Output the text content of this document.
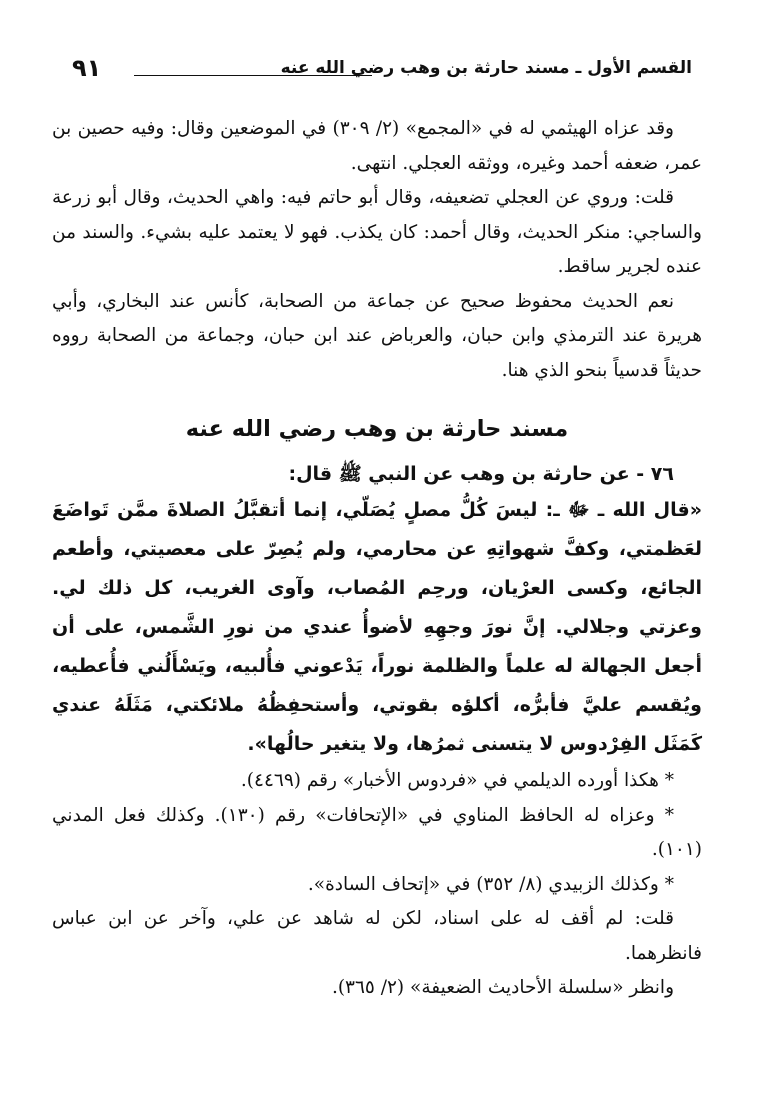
القسم الأول ـ مسند حارثة بن وهب رضي الله عنه
٩١

وقد عزاه الهيثمي له في «المجمع» (٢/ ٣٠٩) في الموضعين وقال: وفيه حصين بن عمر، ضعفه أحمد وغيره، ووثقه العجلي. انتهى.

قلت: وروي عن العجلي تضعيفه، وقال أبو حاتم فيه: واهي الحديث، وقال أبو زرعة والساجي: منكر الحديث، وقال أحمد: كان يكذب. فهو لا يعتمد عليه بشيء. والسند من عنده لجرير ساقط.

نعم الحديث محفوظ صحيح عن جماعة من الصحابة، كأنس عند البخاري، وأبي هريرة عند الترمذي وابن حبان، والعرباض عند ابن حبان، وجماعة من الصحابة رووه حديثاً قدسياً بنحو الذي هنا.

مسند حارثة بن وهب رضي الله عنه

٧٦ - عن حارثة بن وهب عن النبي ﷺ قال:

«قال الله ـ ﷻ ـ: ليسَ كُلُّ مصلٍ يُصَلّي، إنما أتقبَّلُ الصلاةَ ممَّن تَواضَعَ لعَظمتي، وكفَّ شهواتِهِ عن محارمي، ولم يُصِرّ على معصيتي، وأطعم الجائع، وكسى العرْيان، ورحِم المُصاب، وآوى الغريب، كل ذلك لي. وعزتي وجلالي. إنَّ نورَ وجهِهِ لأضوأُ عندي من نورِ الشَّمس، على أن أجعل الجهالة له علماً والظلمة نوراً، يَدْعوني فأُلبيه، ويَسْأَلُني فأُعطيه، ويُقسم عليَّ فأبرُّه، أكلؤه بقوتي، وأستحفِظُهُ ملائكتي، مَثَلَهُ عندي كَمَثَل الفِرْدوس لا يتسنى ثمرُها، ولا يتغير حالُها».

* هكذا أورده الديلمي في «فردوس الأخبار» رقم (٤٤٦٩).

* وعزاه له الحافظ المناوي في «الإتحافات» رقم (١٣٠). وكذلك فعل المدني (١٠١).

* وكذلك الزبيدي (٨/ ٣٥٢) في «إتحاف السادة».

قلت: لم أقف له على اسناد، لكن له شاهد عن علي، وآخر عن ابن عباس فانظرهما.

وانظر «سلسلة الأحاديث الضعيفة» (٢/ ٣٦٥).
